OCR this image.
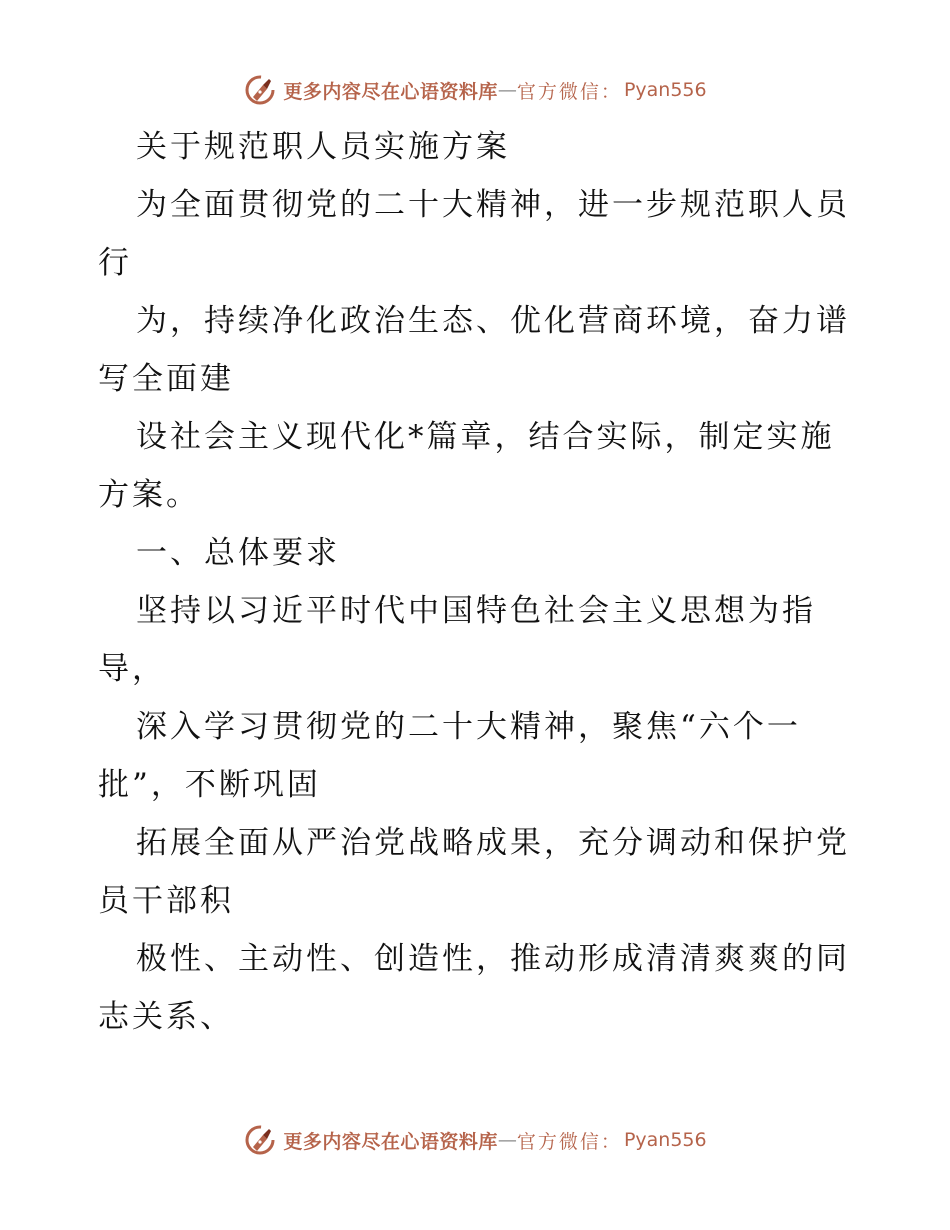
更多内容尽在心语资料库 — 官方微信： Pyan556
关于规范职人员实施方案
为全面贯彻党的二十大精神，进一步规范职人员
行
为，持续净化政治生态、优化营商环境，奋力谱
写全面建
设社会主义现代化*篇章，结合实际，制定实施
方案。
一、总体要求
坚持以习近平时代中国特色社会主义思想为指
导，
深入学习贯彻党的二十大精神，聚焦“六个一
批”，不断巩固
拓展全面从严治党战略成果，充分调动和保护党
员干部积
极性、主动性、创造性，推动形成清清爽爽的同
志关系、
更多内容尽在心语资料库 — 官方微信： Pyan556
